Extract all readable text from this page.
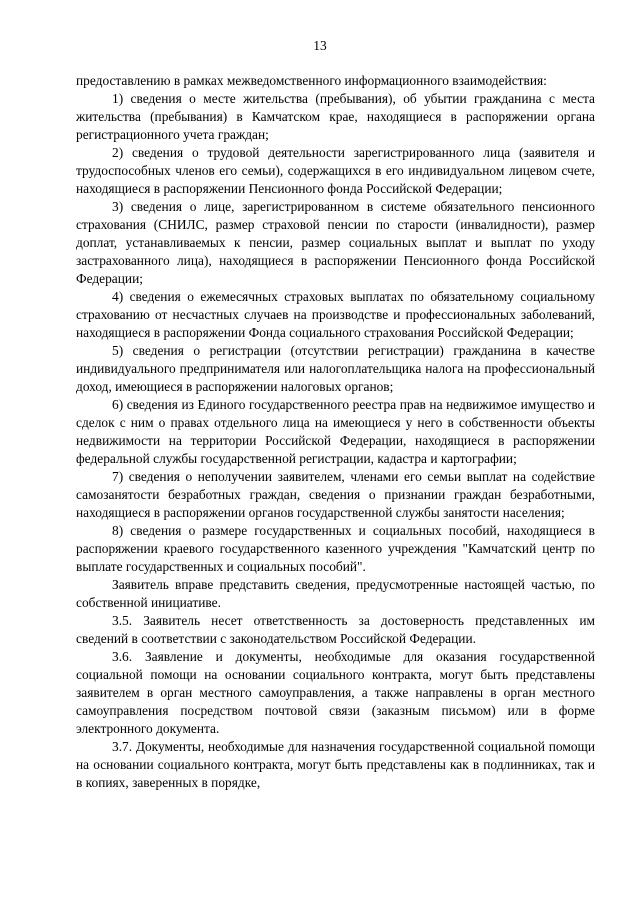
13

предоставлению в рамках межведомственного информационного взаимодействия:

1) сведения о месте жительства (пребывания), об убытии гражданина с места жительства (пребывания) в Камчатском крае, находящиеся в распоряжении органа регистрационного учета граждан;

2) сведения о трудовой деятельности зарегистрированного лица (заявителя и трудоспособных членов его семьи), содержащихся в его индивидуальном лицевом счете, находящиеся в распоряжении Пенсионного фонда Российской Федерации;

3) сведения о лице, зарегистрированном в системе обязательного пенсионного страхования (СНИЛС, размер страховой пенсии по старости (инвалидности), размер доплат, устанавливаемых к пенсии, размер социальных выплат и выплат по уходу застрахованного лица), находящиеся в распоряжении Пенсионного фонда Российской Федерации;

4) сведения о ежемесячных страховых выплатах по обязательному социальному страхованию от несчастных случаев на производстве и профессиональных заболеваний, находящиеся в распоряжении Фонда социального страхования Российской Федерации;

5) сведения о регистрации (отсутствии регистрации) гражданина в качестве индивидуального предпринимателя или налогоплательщика налога на профессиональный доход, имеющиеся в распоряжении налоговых органов;

6) сведения из Единого государственного реестра прав на недвижимое имущество и сделок с ним о правах отдельного лица на имеющиеся у него в собственности объекты недвижимости на территории Российской Федерации, находящиеся в распоряжении федеральной службы государственной регистрации, кадастра и картографии;

7) сведения о неполучении заявителем, членами его семьи выплат на содействие самозанятости безработных граждан, сведения о признании граждан безработными, находящиеся в распоряжении органов государственной службы занятости населения;

8) сведения о размере государственных и социальных пособий, находящиеся в распоряжении краевого государственного казенного учреждения "Камчатский центр по выплате государственных и социальных пособий".

Заявитель вправе представить сведения, предусмотренные настоящей частью, по собственной инициативе.

3.5. Заявитель несет ответственность за достоверность представленных им сведений в соответствии с законодательством Российской Федерации.

3.6. Заявление и документы, необходимые для оказания государственной социальной помощи на основании социального контракта, могут быть представлены заявителем в орган местного самоуправления, а также направлены в орган местного самоуправления посредством почтовой связи (заказным письмом) или в форме электронного документа.

3.7. Документы, необходимые для назначения государственной социальной помощи на основании социального контракта, могут быть представлены как в подлинниках, так и в копиях, заверенных в порядке,
